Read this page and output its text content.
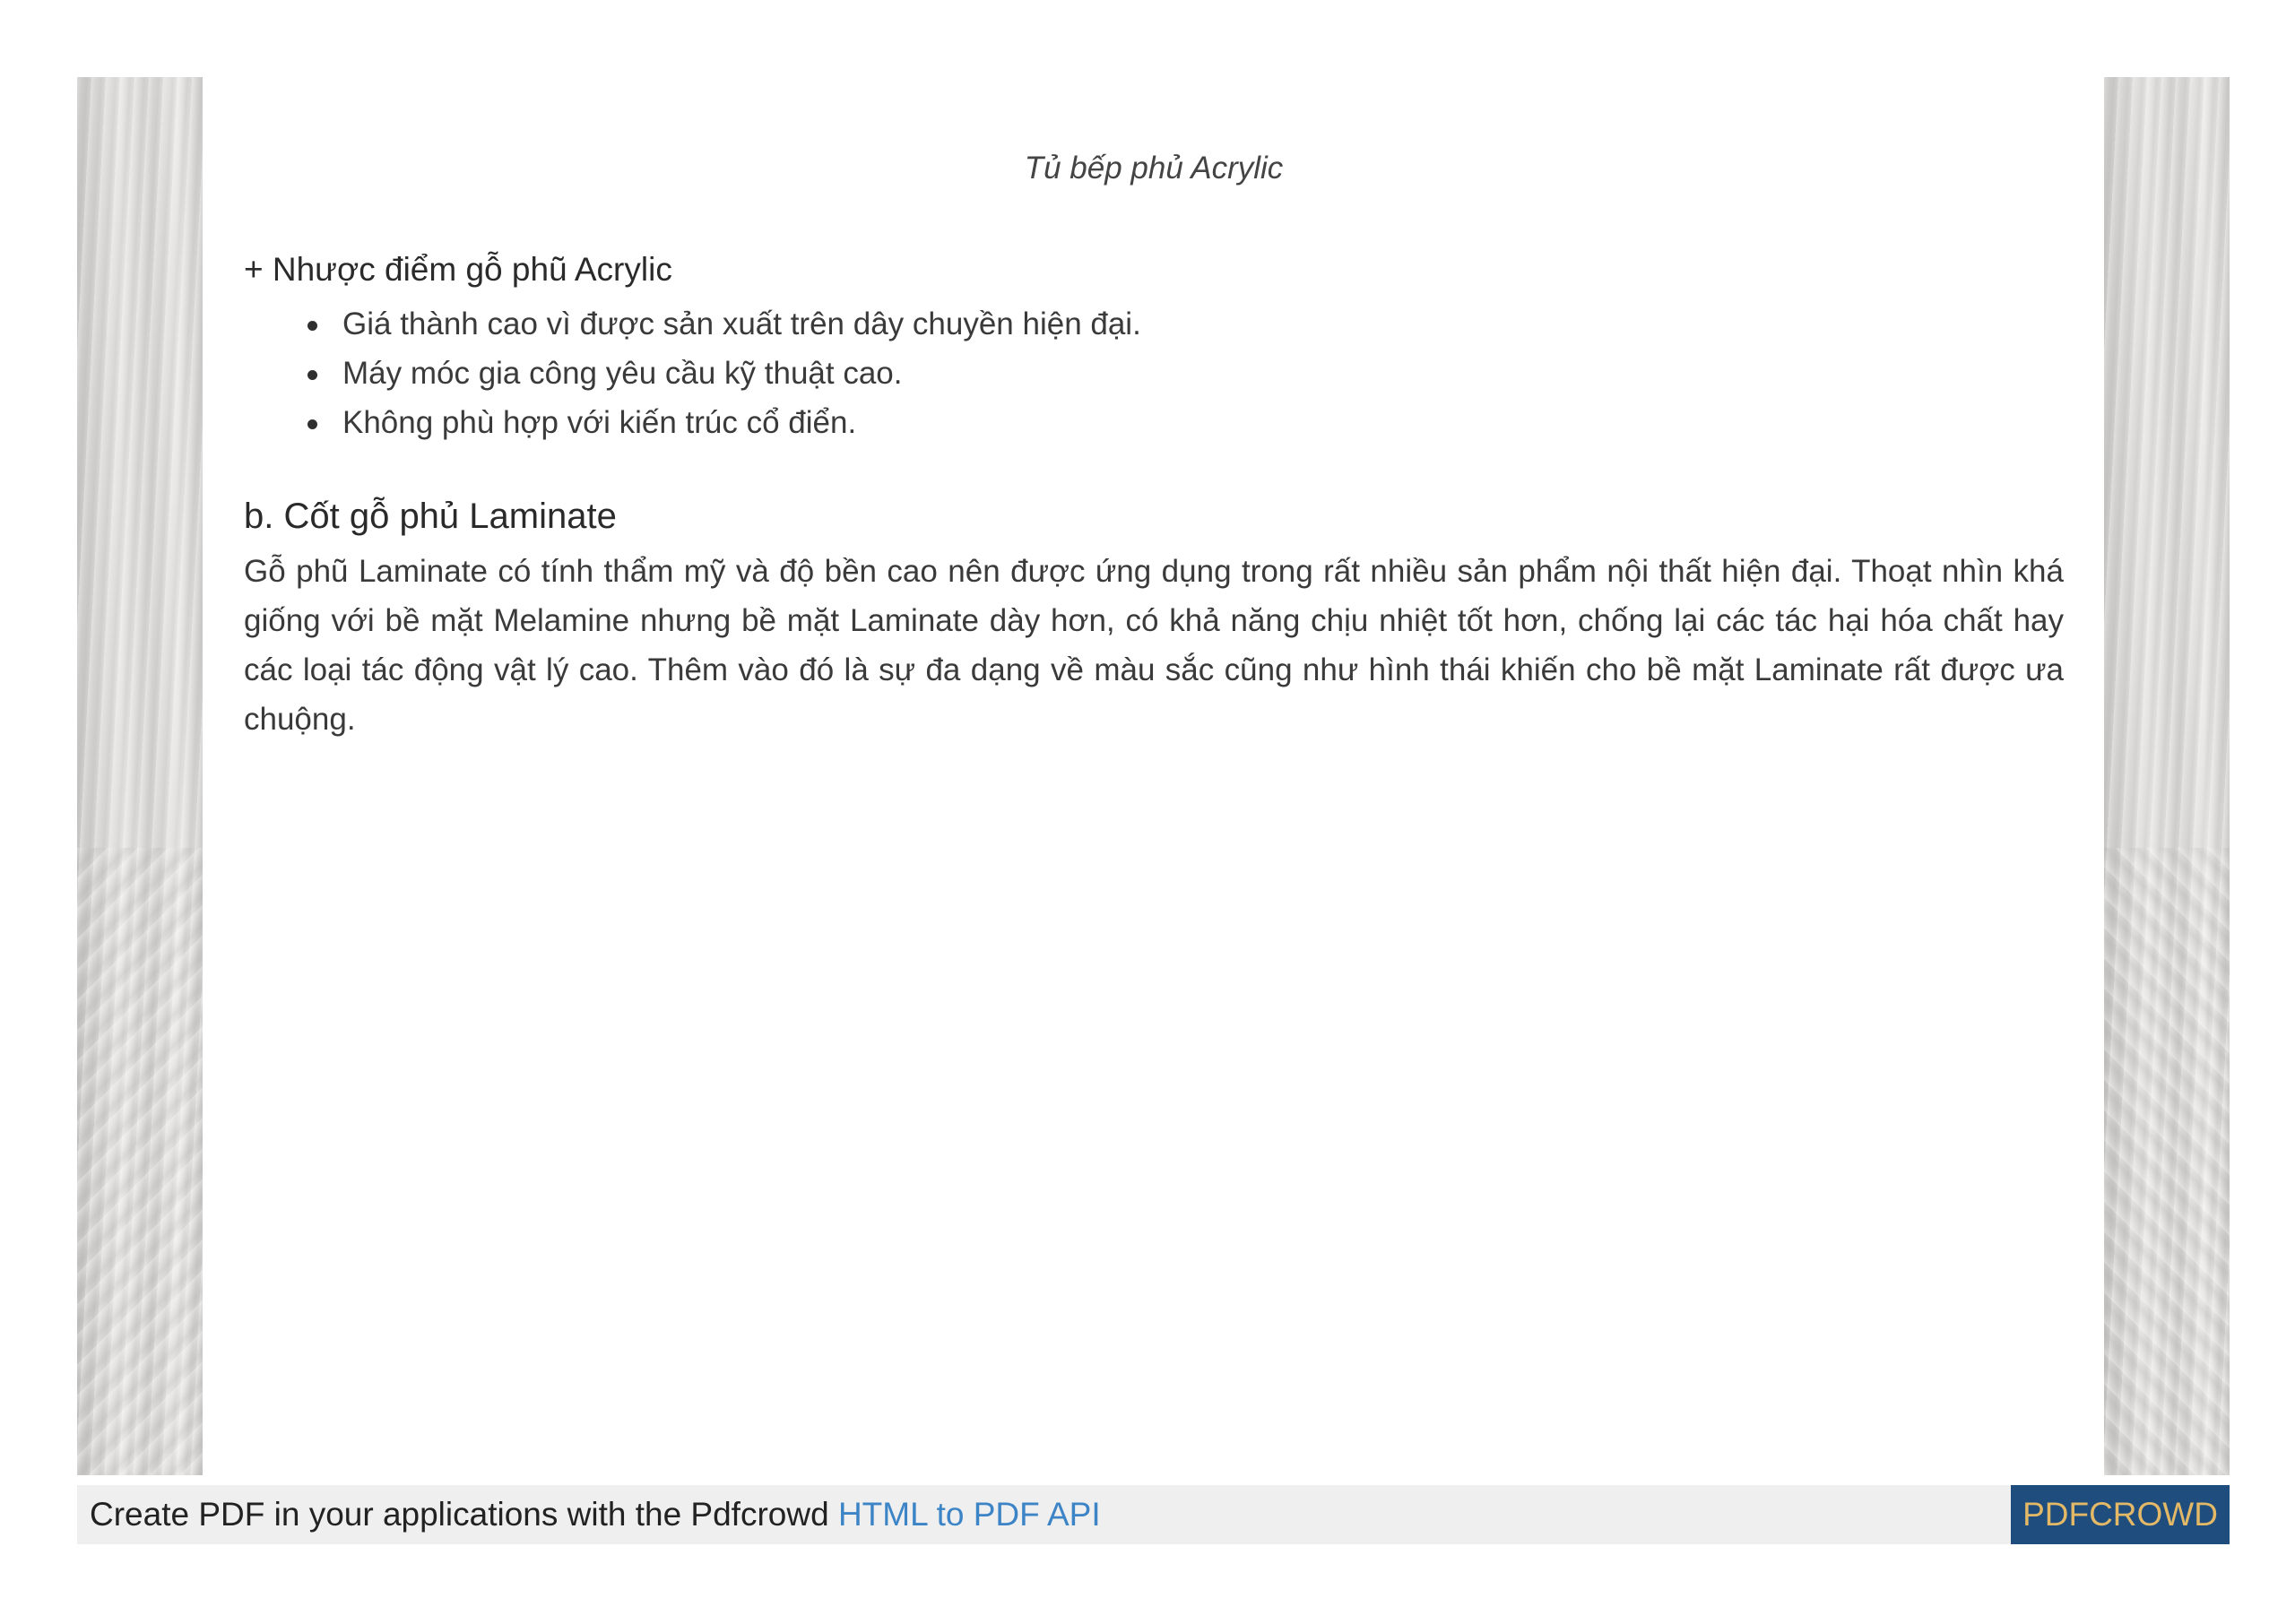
Tủ bếp phủ Acrylic
+ Nhược điểm gỗ phũ Acrylic
Giá thành cao vì được sản xuất trên dây chuyền hiện đại.
Máy móc gia công yêu cầu kỹ thuật cao.
Không phù hợp với kiến trúc cổ điển.
b. Cốt gỗ phủ Laminate

Gỗ phũ Laminate có tính thẩm mỹ và độ bền cao nên được ứng dụng trong rất nhiều sản phẩm nội thất hiện đại. Thoạt nhìn khá giống với bề mặt Melamine nhưng bề mặt Laminate dày hơn, có khả năng chịu nhiệt tốt hơn, chống lại các tác hại hóa chất hay các loại tác động vật lý cao. Thêm vào đó là sự đa dạng về màu sắc cũng như hình thái khiến cho bề mặt Laminate rất được ưa chuộng.

Create PDF in your applications with the Pdfcrowd HTML to PDF API	PDFCROWD
